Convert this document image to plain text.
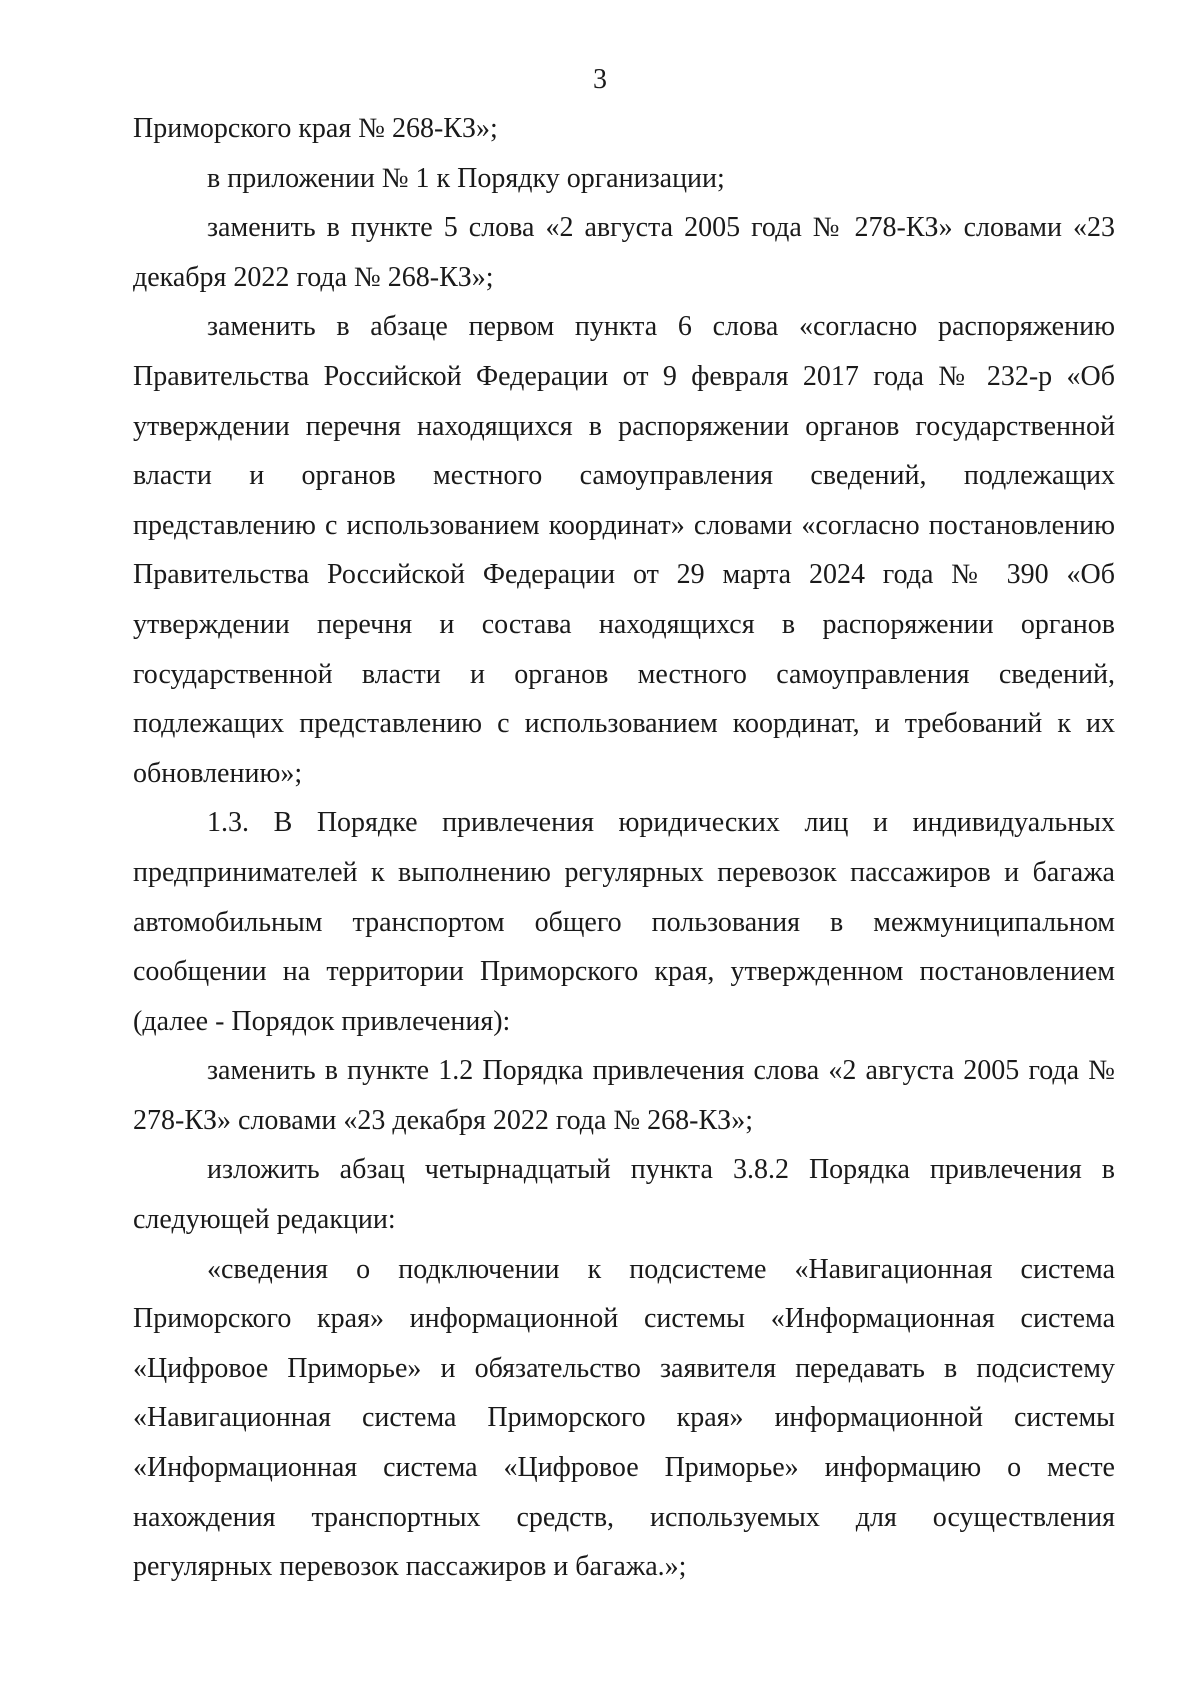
3

Приморского края № 268-КЗ»;

в приложении № 1 к Порядку организации;

заменить в пункте 5 слова «2 августа 2005 года № 278-КЗ» словами «23 декабря 2022 года № 268-КЗ»;

заменить в абзаце первом пункта 6 слова «согласно распоряжению Правительства Российской Федерации от 9 февраля 2017 года № 232-р «Об утверждении перечня находящихся в распоряжении органов государственной власти и органов местного самоуправления сведений, подлежащих представлению с использованием координат» словами «согласно постановлению Правительства Российской Федерации от 29 марта 2024 года № 390 «Об утверждении перечня и состава находящихся в распоряжении органов государственной власти и органов местного самоуправления сведений, подлежащих представлению с использованием координат, и требований к их обновлению»;

1.3. В Порядке привлечения юридических лиц и индивидуальных предпринимателей к выполнению регулярных перевозок пассажиров и багажа автомобильным транспортом общего пользования в межмуниципальном сообщении на территории Приморского края, утвержденном постановлением (далее - Порядок привлечения):

заменить в пункте 1.2 Порядка привлечения слова «2 августа 2005 года № 278-КЗ» словами «23 декабря 2022 года № 268-КЗ»;

изложить абзац четырнадцатый пункта 3.8.2 Порядка привлечения в следующей редакции:

«сведения о подключении к подсистеме «Навигационная система Приморского края» информационной системы «Информационная система «Цифровое Приморье» и обязательство заявителя передавать в подсистему «Навигационная система Приморского края» информационной системы «Информационная система «Цифровое Приморье» информацию о месте нахождения транспортных средств, используемых для осуществления регулярных перевозок пассажиров и багажа.»;
